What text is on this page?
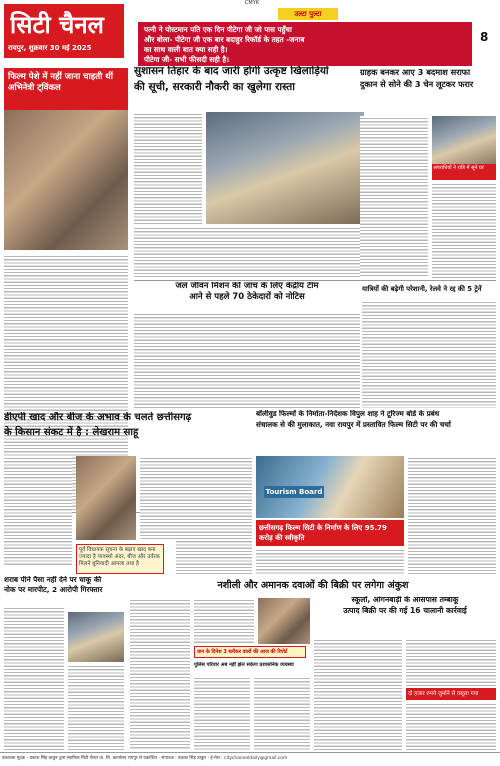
सिटी चैनल
रायपुर, शुक्रवार 30 मई 2025
CMYK
उल्टा पुल्टा
8
पत्नी ने पोस्टमान पति एक दिन पीटेगा जी जो पास पहुँचा
और बोला- पीटेगा जी एक बार बदाहुर रिकॉर्ड के तहत -जनाब
का साथ वाली बात क्या सही है।
पीटेगा जी- सभी फीसदी सही है।
फिल्म पेशे में नहीं जाना चाहती थीं अभिनेत्री ट्विंकल
सुशासन तिहार के बाद जारी होगी उत्कृष्ट खिलाड़ियों
की सूची, सरकारी नौकरी का खुलेगा रास्ता
ग्राहक बनकर आए 3 बदमाश सराफा
दुकान से सोने की 3 चेन लूटकर फरार
अपराधियों ने रात्रि में सूने घर
जल जीवन मिशन की जांच के लिए केंद्रीय टीम
आने से पहले 70 ठेकेदारों को नोटिस
यात्रियों की बढ़ेगी परेशानी, रेलवे ने रद्द की 5 ट्रेनें
डीएपी खाद और बीज के अभाव के चलते छत्तीसगढ़
के किसान संकट में है : लेखराम साहू
पूर्व विधायक सूचना के बढ़ाए खाद बना ज्यादा है व्यवस्थो अंदर, बीज और उर्वरक मिलने बुनियादी आपला तथा है
बॉलीवुड फिल्मों के निर्माता-निर्देशक विपुल शाह ने टूरिज्म बोर्ड के प्रबंध
संचालक से की मुलाकात, नवा रायपुर में प्रस्तावित फिल्म सिटी पर की चर्चा
Tourism Board
छत्तीसगढ़ फिल्म सिटी के निर्माण के लिए 95.79 करोड़ की स्वीकृति
शराब पीने पैसा नहीं देने पर चाकू की
नोक पर मारपीट, 2 आरोपी गिरफ्तार	नशीली और अमानक दवाओं की बिक्री पर लगेगा अंकुश
धान के दिनेश 3 ब्लॉकर वालों की आज की रिपोर्ट
पुलिस परिवार अब नहीं झेल सकेगा प्रशासनिक व्यवस्था
स्कूलों, आंगनबाड़ी के आसपास तम्बाकू
उत्पाद बिक्री पर की गई 16 चालानी कार्रवाई
दो हजार रुपये जुर्माने से वसूला गया
प्रकाशक मुद्रक - प्रकाश सिंह ठाकुर द्वारा स्वामित्व सिटी चैनल प्रा. लि. कार्यालय रायपुर से प्रकाशित - संपादक : प्रकाश सिंह ठाकुर - ई-मेल : citychanneldaily@gmail.com
